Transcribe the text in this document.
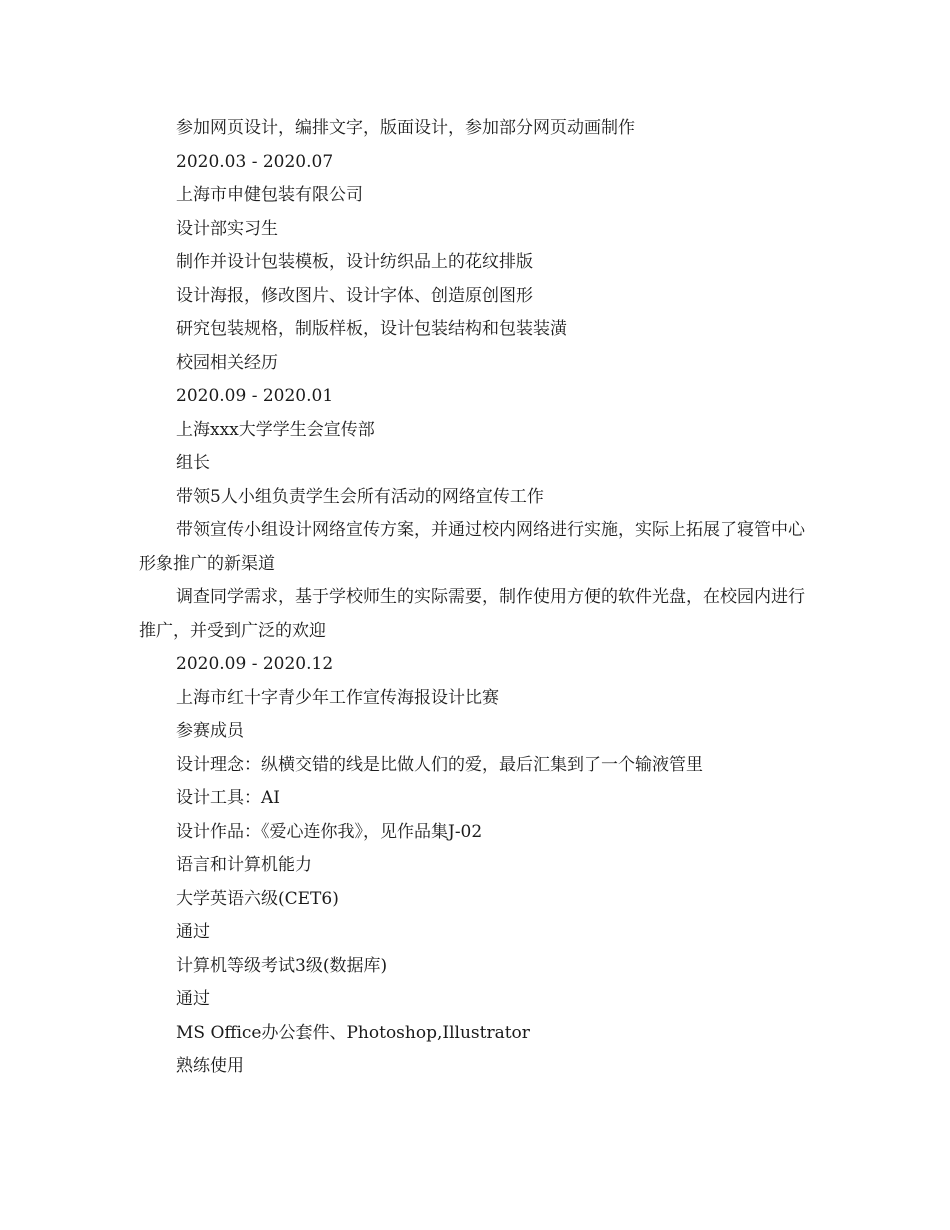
参加网页设计，编排文字，版面设计，参加部分网页动画制作

2020.03 - 2020.07

上海市申健包装有限公司

设计部实习生

制作并设计包装模板，设计纺织品上的花纹排版

设计海报，修改图片、设计字体、创造原创图形

研究包装规格，制版样板，设计包装结构和包装装潢

校园相关经历

2020.09 - 2020.01

上海xxx大学学生会宣传部

组长

带领5人小组负责学生会所有活动的网络宣传工作

带领宣传小组设计网络宣传方案，并通过校内网络进行实施，实际上拓展了寝管中心形象推广的新渠道

调查同学需求，基于学校师生的实际需要，制作使用方便的软件光盘，在校园内进行推广，并受到广泛的欢迎

2020.09 - 2020.12

上海市红十字青少年工作宣传海报设计比赛

参赛成员

设计理念：纵横交错的线是比做人们的爱，最后汇集到了一个输液管里

设计工具：AI

设计作品：《爱心连你我》，见作品集J-02

语言和计算机能力

大学英语六级(CET6)

通过

计算机等级考试3级(数据库)

通过

MS Office办公套件、Photoshop,Illustrator

熟练使用
